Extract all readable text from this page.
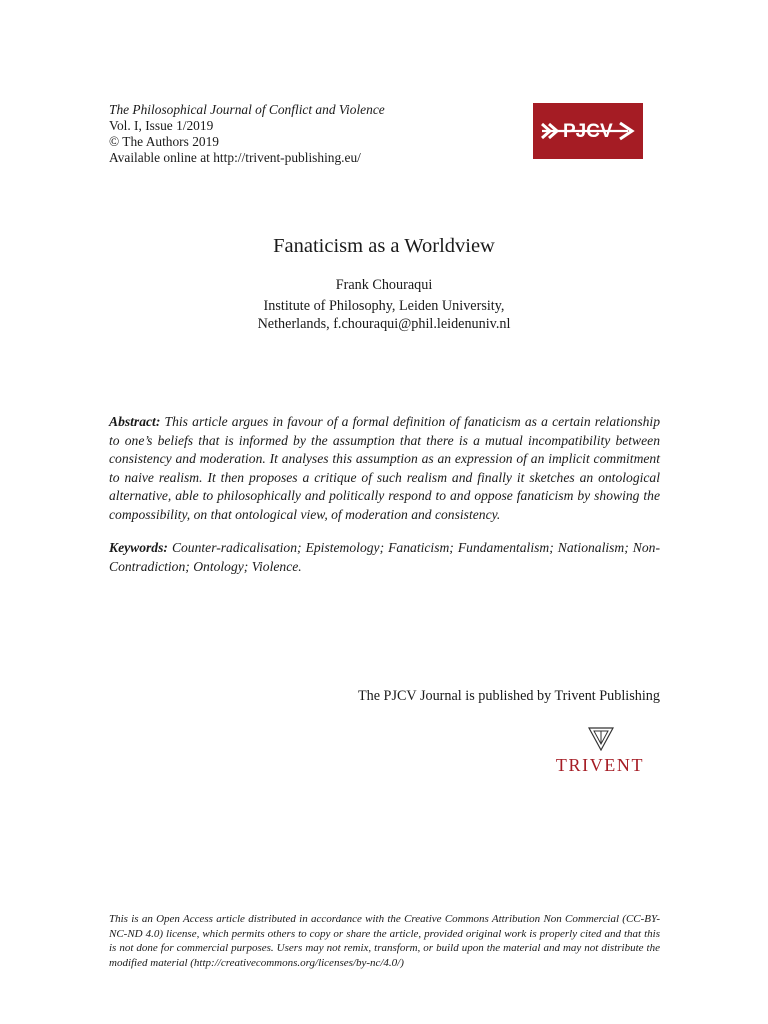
The Philosophical Journal of Conflict and Violence
Vol. I, Issue 1/2019
© The Authors 2019
Available online at http://trivent-publishing.eu/
PJCV
Fanaticism as a Worldview
Frank Chouraqui
Institute of Philosophy, Leiden University,
Netherlands, f.chouraqui@phil.leidenuniv.nl
Abstract: This article argues in favour of a formal definition of fanaticism as a certain relationship to one’s beliefs that is informed by the assumption that there is a mutual incompatibility between consistency and moderation. It analyses this assumption as an expression of an implicit commitment to naive realism. It then proposes a critique of such realism and finally it sketches an ontological alternative, able to philosophically and politically respond to and oppose fanaticism by showing the compossibility, on that ontological view, of moderation and consistency.
Keywords: Counter-radicalisation; Epistemology; Fanaticism; Fundamentalism; Nationalism; Non-Contradiction; Ontology; Violence.
The PJCV Journal is published by Trivent Publishing
TRIVENT
This is an Open Access article distributed in accordance with the Creative Commons Attribution Non Commercial (CC-BY-NC-ND 4.0) license, which permits others to copy or share the article, provided original work is properly cited and that this is not done for commercial purposes. Users may not remix, transform, or build upon the material and may not distribute the modified material (http://creativecommons.org/licenses/by-nc/4.0/)
